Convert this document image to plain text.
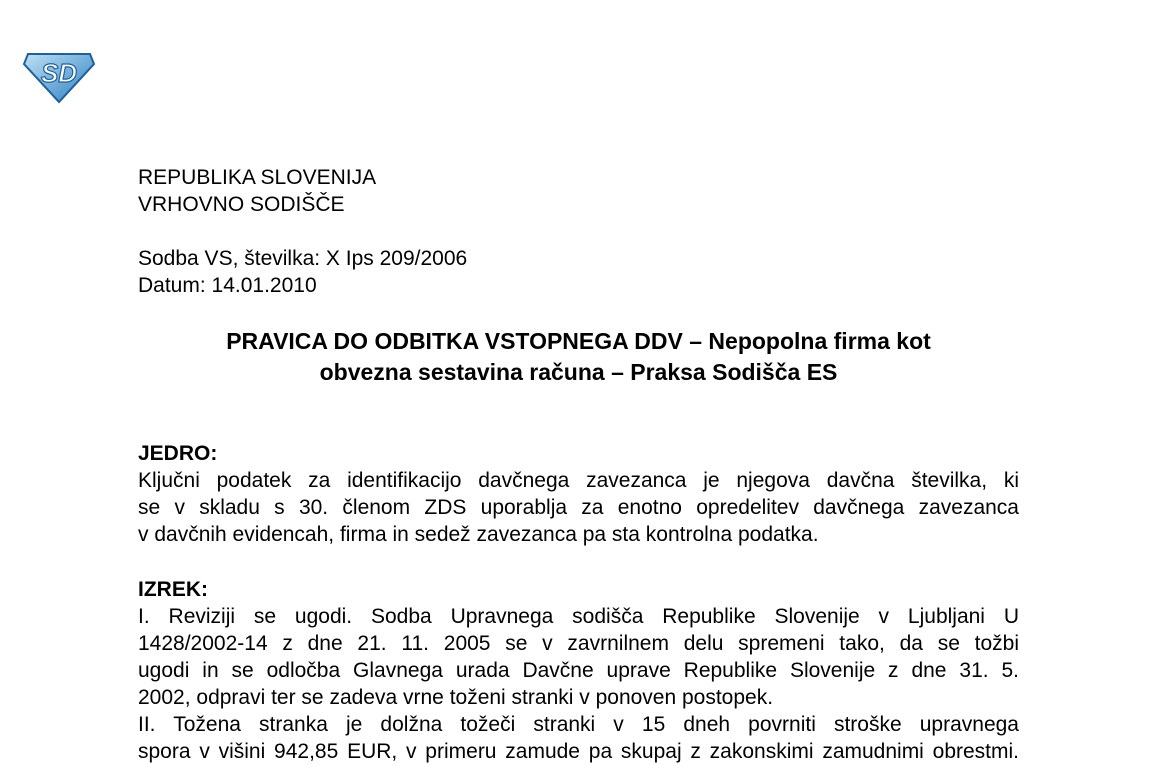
SD
REPUBLIKA SLOVENIJA
VRHOVNO SODIŠČE
Sodba VS, številka: X Ips 209/2006
Datum: 14.01.2010
PRAVICA DO ODBITKA VSTOPNEGA DDV – Nepopolna firma kot
obvezna sestavina računa – Praksa Sodišča ES
JEDRO:
Ključni podatek za identifikacijo davčnega zavezanca je njegova davčna številka, ki
se v skladu s 30. členom ZDS uporablja za enotno opredelitev davčnega zavezanca
v davčnih evidencah, firma in sedež zavezanca pa sta kontrolna podatka.
IZREK:
I. Reviziji se ugodi. Sodba Upravnega sodišča Republike Slovenije v Ljubljani U
1428/2002-14 z dne 21. 11. 2005 se v zavrnilnem delu spremeni tako, da se tožbi
ugodi in se odločba Glavnega urada Davčne uprave Republike Slovenije z dne 31. 5.
2002, odpravi ter se zadeva vrne toženi stranki v ponoven postopek.
II. Tožena stranka je dolžna tožeči stranki v 15 dneh povrniti stroške upravnega
spora v višini 942,85 EUR, v primeru zamude pa skupaj z zakonskimi zamudnimi obrestmi.
